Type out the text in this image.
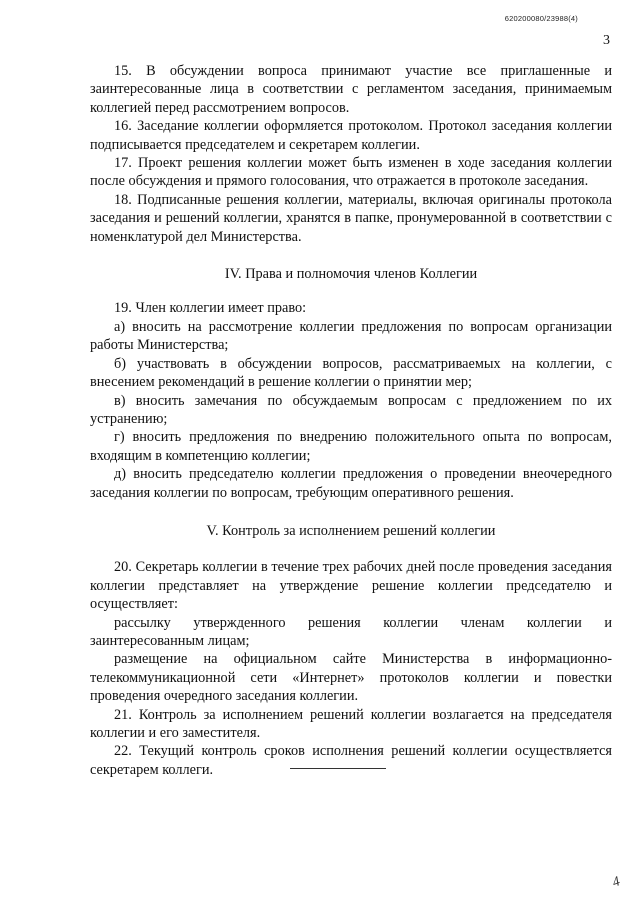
620200080/23988(4)
3

15. В обсуждении вопроса принимают участие все приглашенные и заинтересованные лица в соответствии с регламентом заседания, принимаемым коллегией перед рассмотрением вопросов.

16. Заседание коллегии оформляется протоколом. Протокол заседания коллегии подписывается председателем и секретарем коллегии.

17. Проект решения коллегии может быть изменен в ходе заседания коллегии после обсуждения и прямого голосования, что отражается в протоколе заседания.

18. Подписанные решения коллегии, материалы, включая оригиналы протокола заседания и решений коллегии, хранятся в папке, пронумерованной в соответствии с номенклатурой дел Министерства.

IV. Права и полномочия членов Коллегии

19. Член коллегии имеет право:

а) вносить на рассмотрение коллегии предложения по вопросам организации работы Министерства;

б) участвовать в обсуждении вопросов, рассматриваемых на коллегии, с внесением рекомендаций в решение коллегии о принятии мер;

в) вносить замечания по обсуждаемым вопросам с предложением по их устранению;

г) вносить предложения по внедрению положительного опыта по вопросам, входящим в компетенцию коллегии;

д) вносить председателю коллегии предложения о проведении внеочередного заседания коллегии по вопросам, требующим оперативного решения.

V. Контроль за исполнением решений коллегии

20. Секретарь коллегии в течение трех рабочих дней после проведения заседания коллегии представляет на утверждение решение коллегии председателю и осуществляет:

рассылку утвержденного решения коллегии членам коллегии и заинтересованным лицам;

размещение на официальном сайте Министерства в информационно-телекоммуникационной сети «Интернет» протоколов коллегии и повестки проведения очередного заседания коллегии.

21. Контроль за исполнением решений коллегии возлагается на председателя коллегии и его заместителя.

22. Текущий контроль сроков исполнения решений коллегии осуществляется секретарем коллеги.

4
